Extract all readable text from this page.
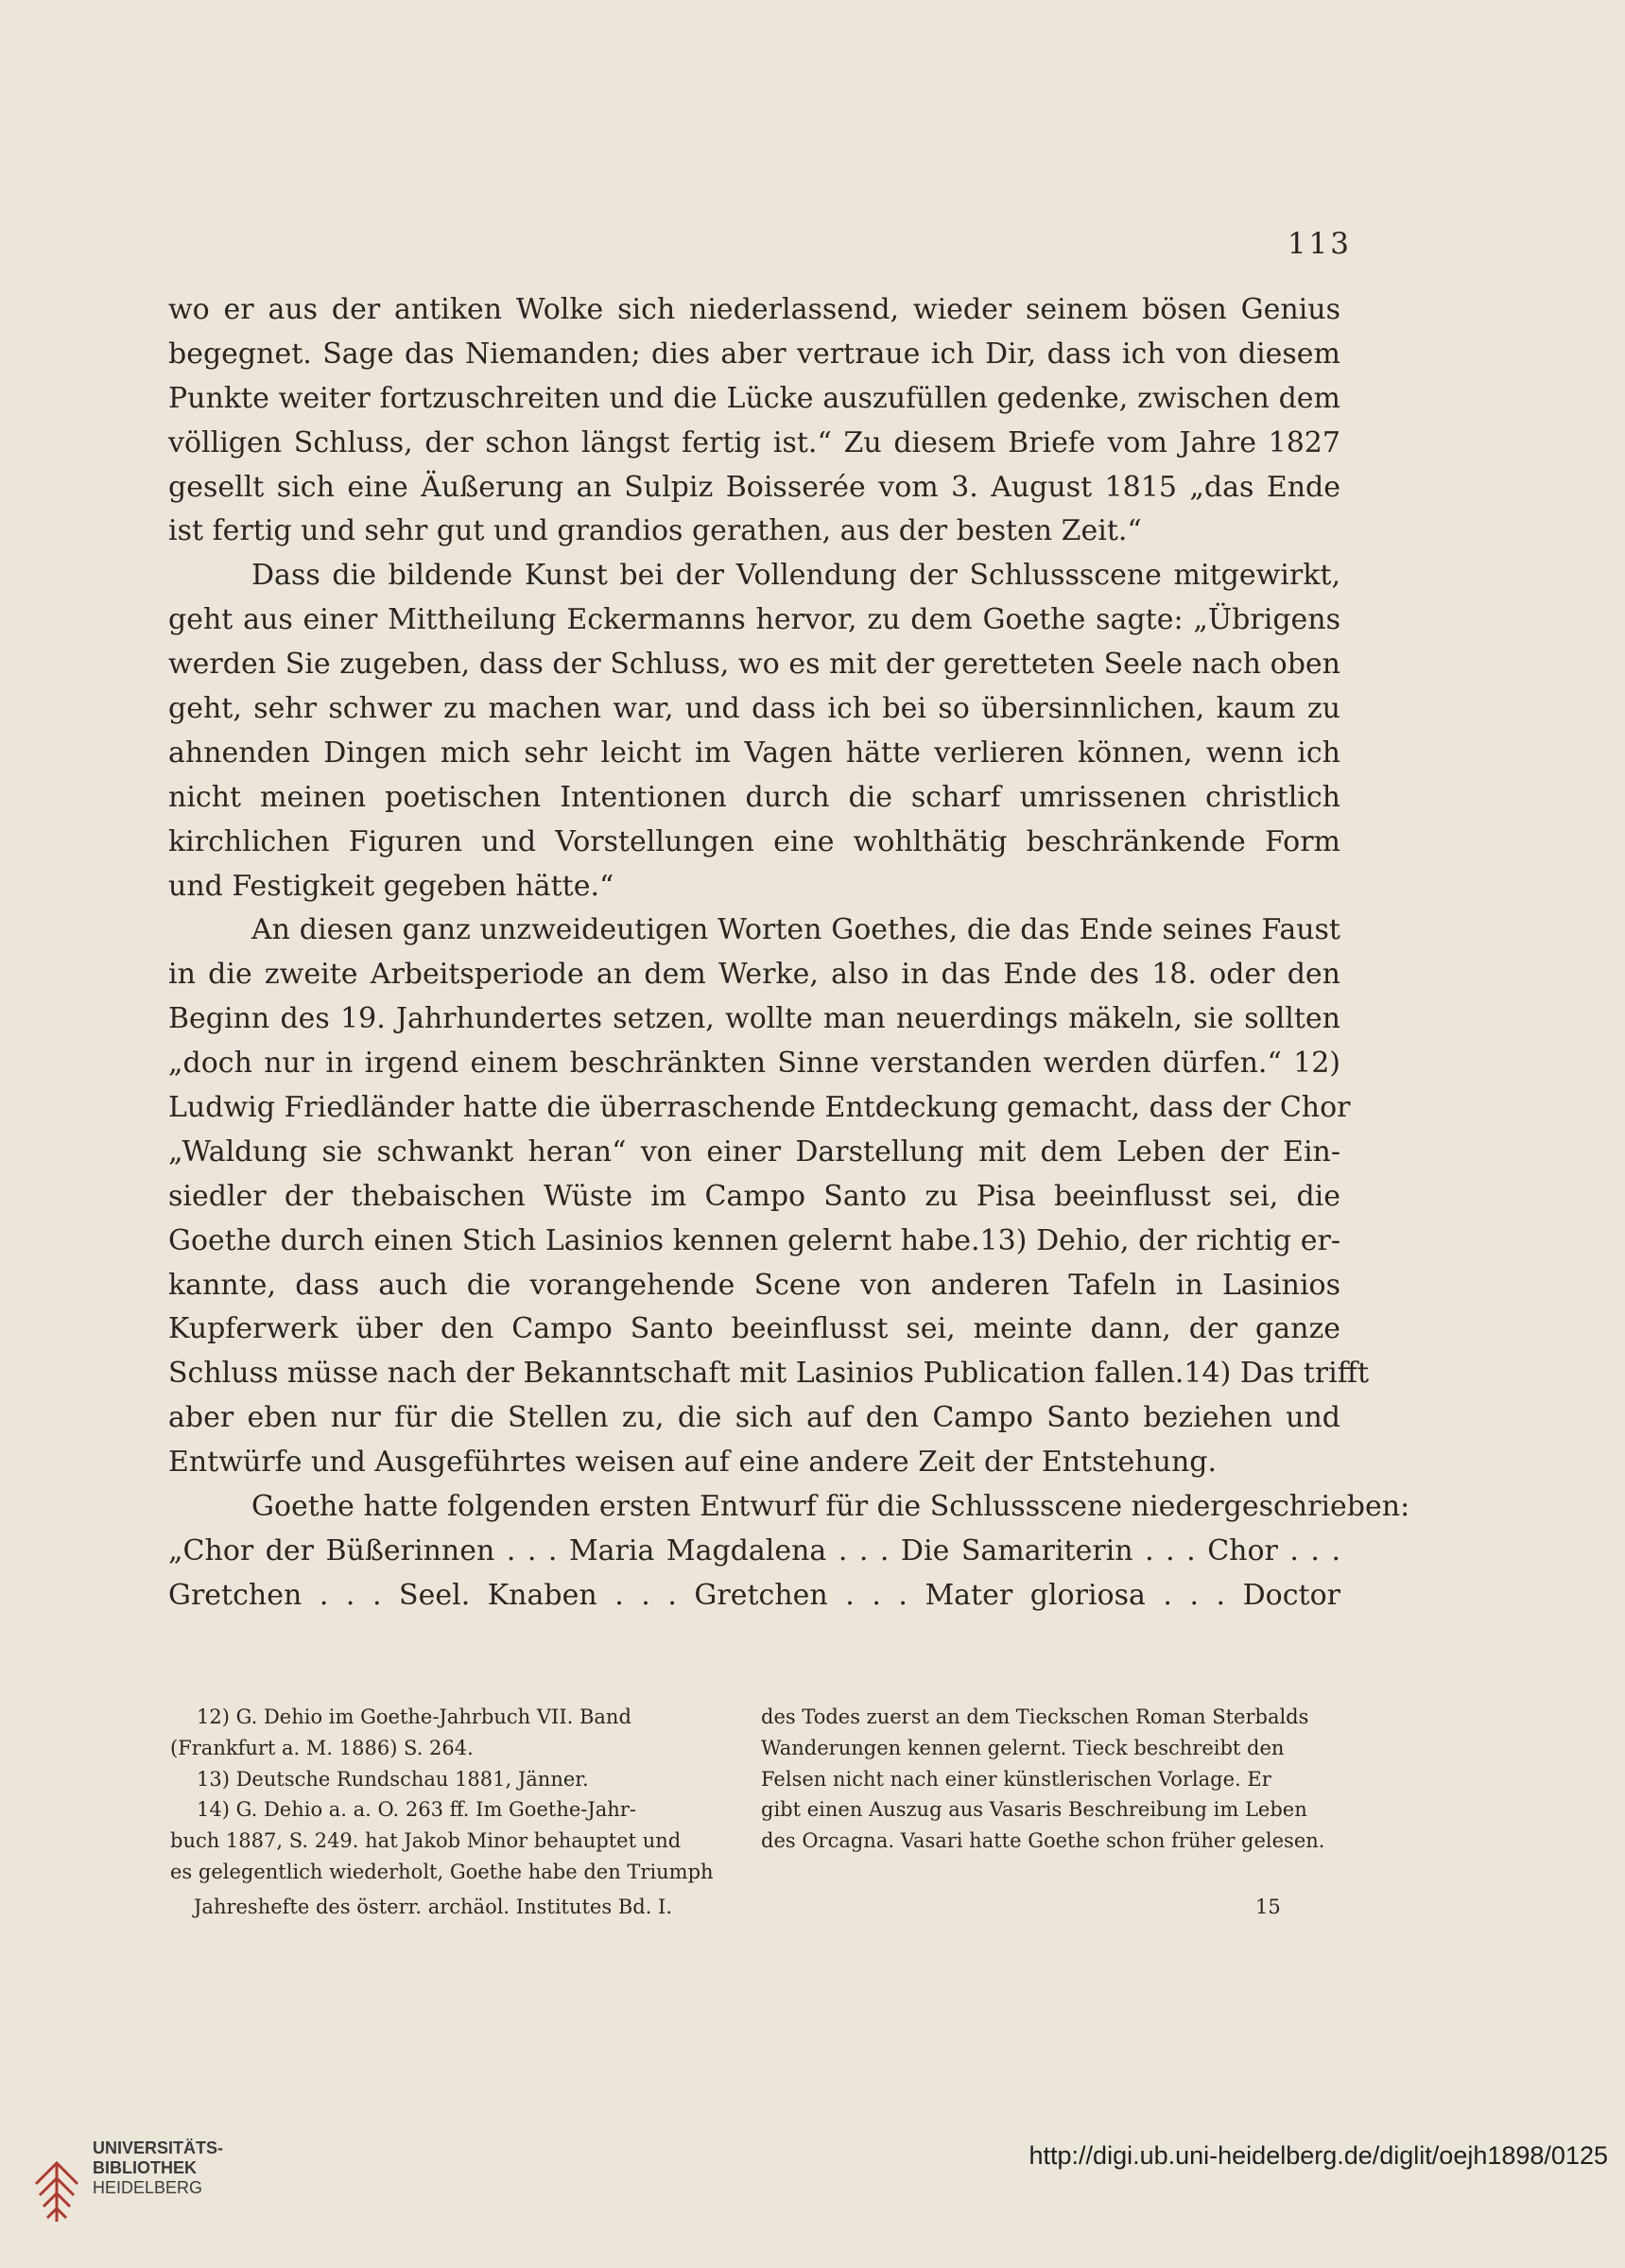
113
wo er aus der antiken Wolke sich niederlassend, wieder seinem bösen Genius
begegnet. Sage das Niemanden; dies aber vertraue ich Dir, dass ich von diesem
Punkte weiter fortzuschreiten und die Lücke auszufüllen gedenke, zwischen dem
völligen Schluss, der schon längst fertig ist.“ Zu diesem Briefe vom Jahre 1827
gesellt sich eine Äußerung an Sulpiz Boisserée vom 3. August 1815 „das Ende
ist fertig und sehr gut und grandios gerathen, aus der besten Zeit.“
Dass die bildende Kunst bei der Vollendung der Schlussscene mitgewirkt,
geht aus einer Mittheilung Eckermanns hervor, zu dem Goethe sagte: „Übrigens
werden Sie zugeben, dass der Schluss, wo es mit der geretteten Seele nach oben
geht, sehr schwer zu machen war, und dass ich bei so übersinnlichen, kaum zu
ahnenden Dingen mich sehr leicht im Vagen hätte verlieren können, wenn ich
nicht meinen poetischen Intentionen durch die scharf umrissenen christlich
kirchlichen Figuren und Vorstellungen eine wohlthätig beschränkende Form
und Festigkeit gegeben hätte.“
An diesen ganz unzweideutigen Worten Goethes, die das Ende seines Faust
in die zweite Arbeitsperiode an dem Werke, also in das Ende des 18. oder den
Beginn des 19. Jahrhundertes setzen, wollte man neuerdings mäkeln, sie sollten
„doch nur in irgend einem beschränkten Sinne verstanden werden dürfen.“ 12)
Ludwig Friedländer hatte die überraschende Entdeckung gemacht, dass der Chor
„Waldung sie schwankt heran“ von einer Darstellung mit dem Leben der Ein-
siedler der thebaischen Wüste im Campo Santo zu Pisa beeinflusst sei, die
Goethe durch einen Stich Lasinios kennen gelernt habe.13) Dehio, der richtig er-
kannte, dass auch die vorangehende Scene von anderen Tafeln in Lasinios
Kupferwerk über den Campo Santo beeinflusst sei, meinte dann, der ganze
Schluss müsse nach der Bekanntschaft mit Lasinios Publication fallen.14) Das trifft
aber eben nur für die Stellen zu, die sich auf den Campo Santo beziehen und
Entwürfe und Ausgeführtes weisen auf eine andere Zeit der Entstehung.
Goethe hatte folgenden ersten Entwurf für die Schlussscene niedergeschrieben:
„Chor der Büßerinnen . . . Maria Magdalena . . . Die Samariterin . . . Chor . . .
Gretchen . . . Seel. Knaben . . . Gretchen . . . Mater gloriosa . . . Doctor
12) G. Dehio im Goethe-Jahrbuch VII. Band
(Frankfurt a. M. 1886) S. 264.
13) Deutsche Rundschau 1881, Jänner.
14) G. Dehio a. a. O. 263 ff. Im Goethe-Jahr-
buch 1887, S. 249. hat Jakob Minor behauptet und
es gelegentlich wiederholt, Goethe habe den Triumph
des Todes zuerst an dem Tieckschen Roman Sterbalds
Wanderungen kennen gelernt. Tieck beschreibt den
Felsen nicht nach einer künstlerischen Vorlage. Er
gibt einen Auszug aus Vasaris Beschreibung im Leben
des Orcagna. Vasari hatte Goethe schon früher gelesen.
Jahreshefte des österr. archäol. Institutes Bd. I.	15
UNIVERSITÄTS-
BIBLIOTHEK
HEIDELBERG
http://digi.ub.uni-heidelberg.de/diglit/oejh1898/0125
